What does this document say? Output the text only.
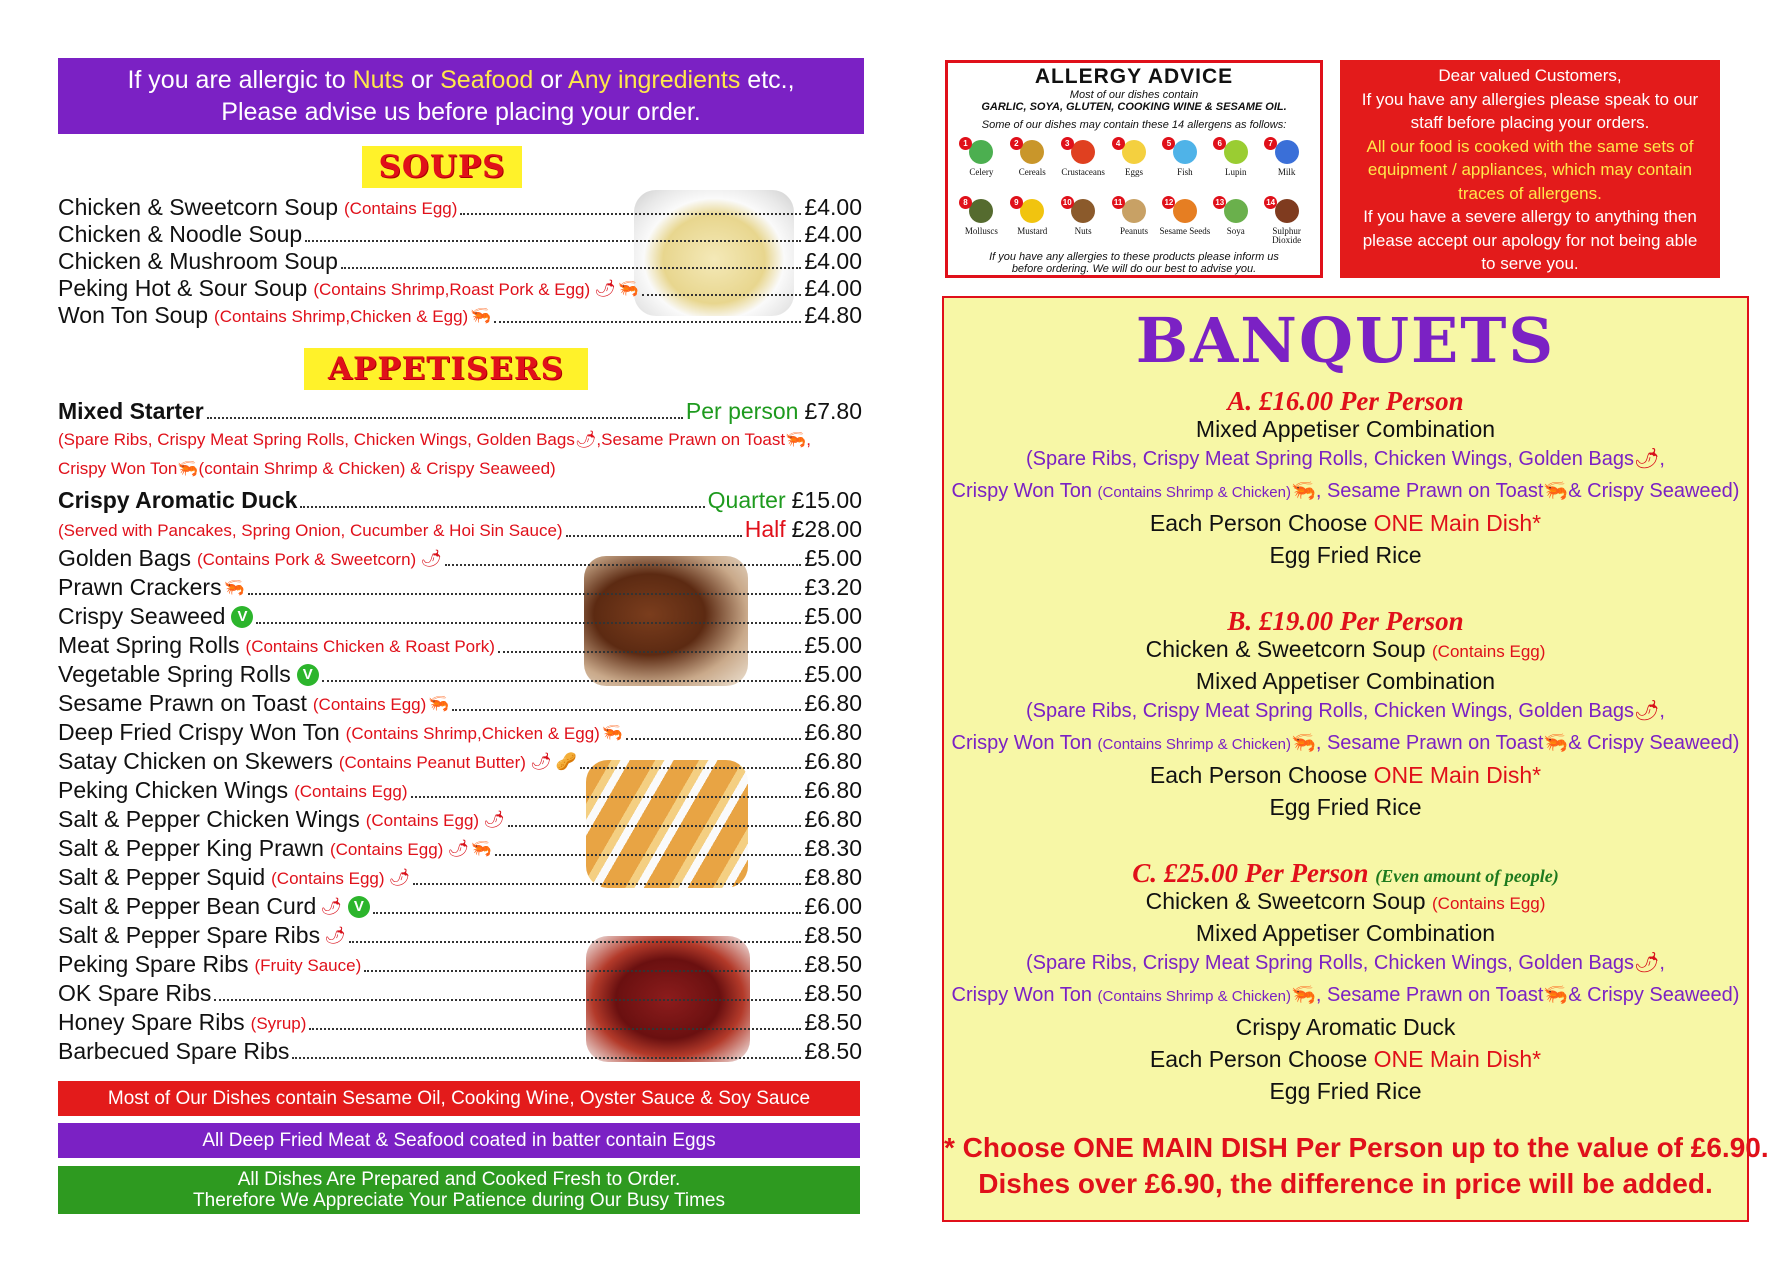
If you are allergic to Nuts or Seafood or Any ingredients etc.,
Please advise us before placing your order.
SOUPS
Chicken & Sweetcorn Soup (Contains Egg)	£4.00
Chicken & Noodle Soup	£4.00
Chicken & Mushroom Soup	£4.00
Peking Hot & Sour Soup (Contains Shrimp,Roast Pork & Egg) 🌶 🦐	£4.00
Won Ton Soup (Contains Shrimp,Chicken & Egg) 🦐	£4.80
APPETISERS
Mixed Starter	Per person £7.80
(Spare Ribs, Crispy Meat Spring Rolls, Chicken Wings, Golden Bags🌶,Sesame Prawn on Toast🦐,
Crispy Won Ton🦐(contain Shrimp & Chicken) & Crispy Seaweed)
Crispy Aromatic Duck	Quarter £15.00
(Served with Pancakes, Spring Onion, Cucumber & Hoi Sin Sauce)	Half £28.00
Golden Bags (Contains Pork & Sweetcorn) 🌶	£5.00
Prawn Crackers 🦐	£3.20
Crispy Seaweed V	£5.00
Meat Spring Rolls (Contains Chicken & Roast Pork)	£5.00
Vegetable Spring Rolls V	£5.00
Sesame Prawn on Toast (Contains Egg) 🦐	£6.80
Deep Fried Crispy Won Ton (Contains Shrimp,Chicken & Egg) 🦐	£6.80
Satay Chicken on Skewers (Contains Peanut Butter) 🌶 🥜	£6.80
Peking Chicken Wings (Contains Egg)	£6.80
Salt & Pepper Chicken Wings (Contains Egg) 🌶	£6.80
Salt & Pepper King Prawn (Contains Egg) 🌶 🦐	£8.30
Salt & Pepper Squid (Contains Egg) 🌶	£8.80
Salt & Pepper Bean Curd 🌶 V	£6.00
Salt & Pepper Spare Ribs 🌶	£8.50
Peking Spare Ribs (Fruity Sauce)	£8.50
OK Spare Ribs	£8.50
Honey Spare Ribs (Syrup)	£8.50
Barbecued Spare Ribs	£8.50
Most of Our Dishes contain Sesame Oil, Cooking Wine, Oyster Sauce & Soy Sauce
All Deep Fried Meat & Seafood coated in batter contain Eggs
All Dishes Are Prepared and Cooked Fresh to Order.
Therefore We Appreciate Your Patience during Our Busy Times
ALLERGY ADVICE
Most of our dishes contain
GARLIC, SOYA, GLUTEN, COOKING WINE & SESAME OIL.
Some of our dishes may contain these 14 allergens as follows:
1
Celery
2
Cereals
3
Crustaceans
4
Eggs
5
Fish
6
Lupin
7
Milk
8
Molluscs
9
Mustard
10
Nuts
11
Peanuts
12
Sesame Seeds
13
Soya
14
Sulphur Dioxide
If you have any allergies to these products please inform us
before ordering. We will do our best to advise you.
Dear valued Customers,
If you have any allergies please speak to our
staff before placing your orders.
All our food is cooked with the same sets of
equipment / appliances, which may contain
traces of allergens.
If you have a severe allergy to anything then
please accept our apology for not being able
to serve you.
BANQUETS
A. £16.00 Per Person
Mixed Appetiser Combination
(Spare Ribs, Crispy Meat Spring Rolls, Chicken Wings, Golden Bags🌶,
Crispy Won Ton (Contains Shrimp & Chicken)🦐, Sesame Prawn on Toast🦐& Crispy Seaweed)
Each Person Choose ONE Main Dish*
Egg Fried Rice
B. £19.00 Per Person
Chicken & Sweetcorn Soup (Contains Egg)
Mixed Appetiser Combination
(Spare Ribs, Crispy Meat Spring Rolls, Chicken Wings, Golden Bags🌶,
Crispy Won Ton (Contains Shrimp & Chicken)🦐, Sesame Prawn on Toast🦐& Crispy Seaweed)
Each Person Choose ONE Main Dish*
Egg Fried Rice
C. £25.00 Per Person (Even amount of people)
Chicken & Sweetcorn Soup (Contains Egg)
Mixed Appetiser Combination
(Spare Ribs, Crispy Meat Spring Rolls, Chicken Wings, Golden Bags🌶,
Crispy Won Ton (Contains Shrimp & Chicken)🦐, Sesame Prawn on Toast🦐& Crispy Seaweed)
Crispy Aromatic Duck
Each Person Choose ONE Main Dish*
Egg Fried Rice
* Choose ONE MAIN DISH Per Person up to the value of £6.90.
Dishes over £6.90, the difference in price will be added.
